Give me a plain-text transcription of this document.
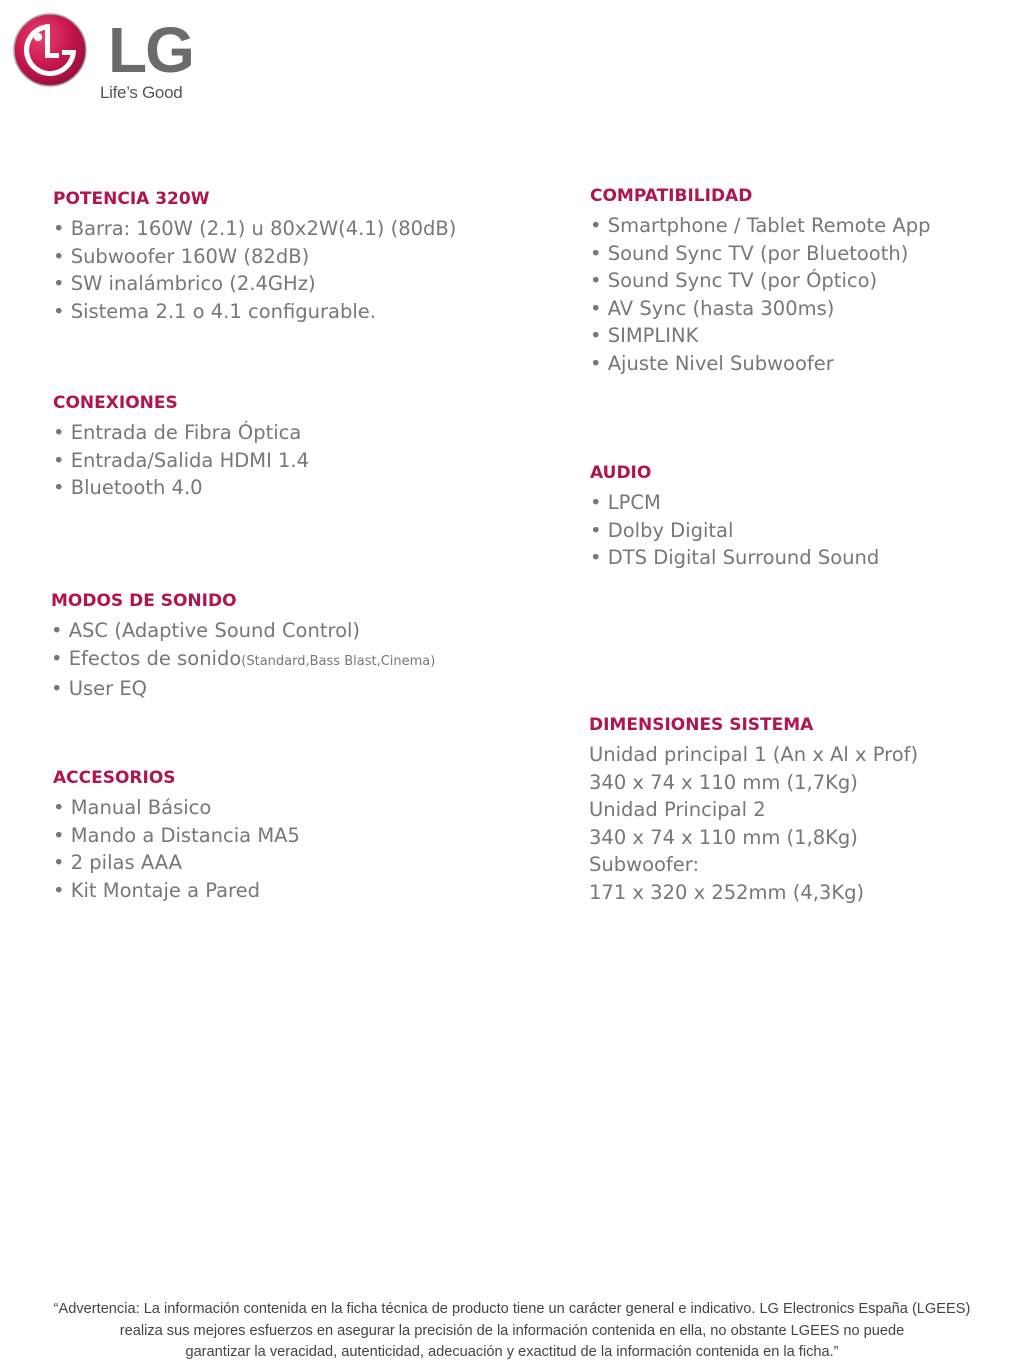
LG
Life’s Good
POTENCIA 320W
• Barra: 160W (2.1) u 80x2W(4.1) (80dB)
• Subwoofer 160W (82dB)
• SW inalámbrico (2.4GHz)
• Sistema 2.1 o 4.1 configurable.
CONEXIONES
• Entrada de Fibra Óptica
• Entrada/Salida HDMI 1.4
• Bluetooth 4.0
MODOS DE SONIDO
• ASC (Adaptive Sound Control)
• Efectos de sonido(Standard,Bass Blast,Cinema)
• User EQ
ACCESORIOS
• Manual Básico
• Mando a Distancia MA5
• 2 pilas AAA
• Kit Montaje a Pared
COMPATIBILIDAD
• Smartphone / Tablet Remote App
• Sound Sync TV (por Bluetooth)
• Sound Sync TV (por Óptico)
• AV Sync (hasta 300ms)
• SIMPLINK
• Ajuste Nivel Subwoofer
AUDIO
• LPCM
• Dolby Digital
• DTS Digital Surround Sound
DIMENSIONES SISTEMA
Unidad principal 1 (An x Al x Prof)
340 x 74 x 110 mm (1,7Kg)
Unidad Principal 2
340 x 74 x 110 mm (1,8Kg)
Subwoofer:
171 x 320 x 252mm (4,3Kg)
“Advertencia: La información contenida en la ficha técnica de producto tiene un carácter general e indicativo. LG Electronics España (LGEES)
realiza sus mejores esfuerzos en asegurar la precisión de la información contenida en ella, no obstante LGEES no puede
garantizar la veracidad, autenticidad, adecuación y exactitud de la información contenida en la ficha.”
